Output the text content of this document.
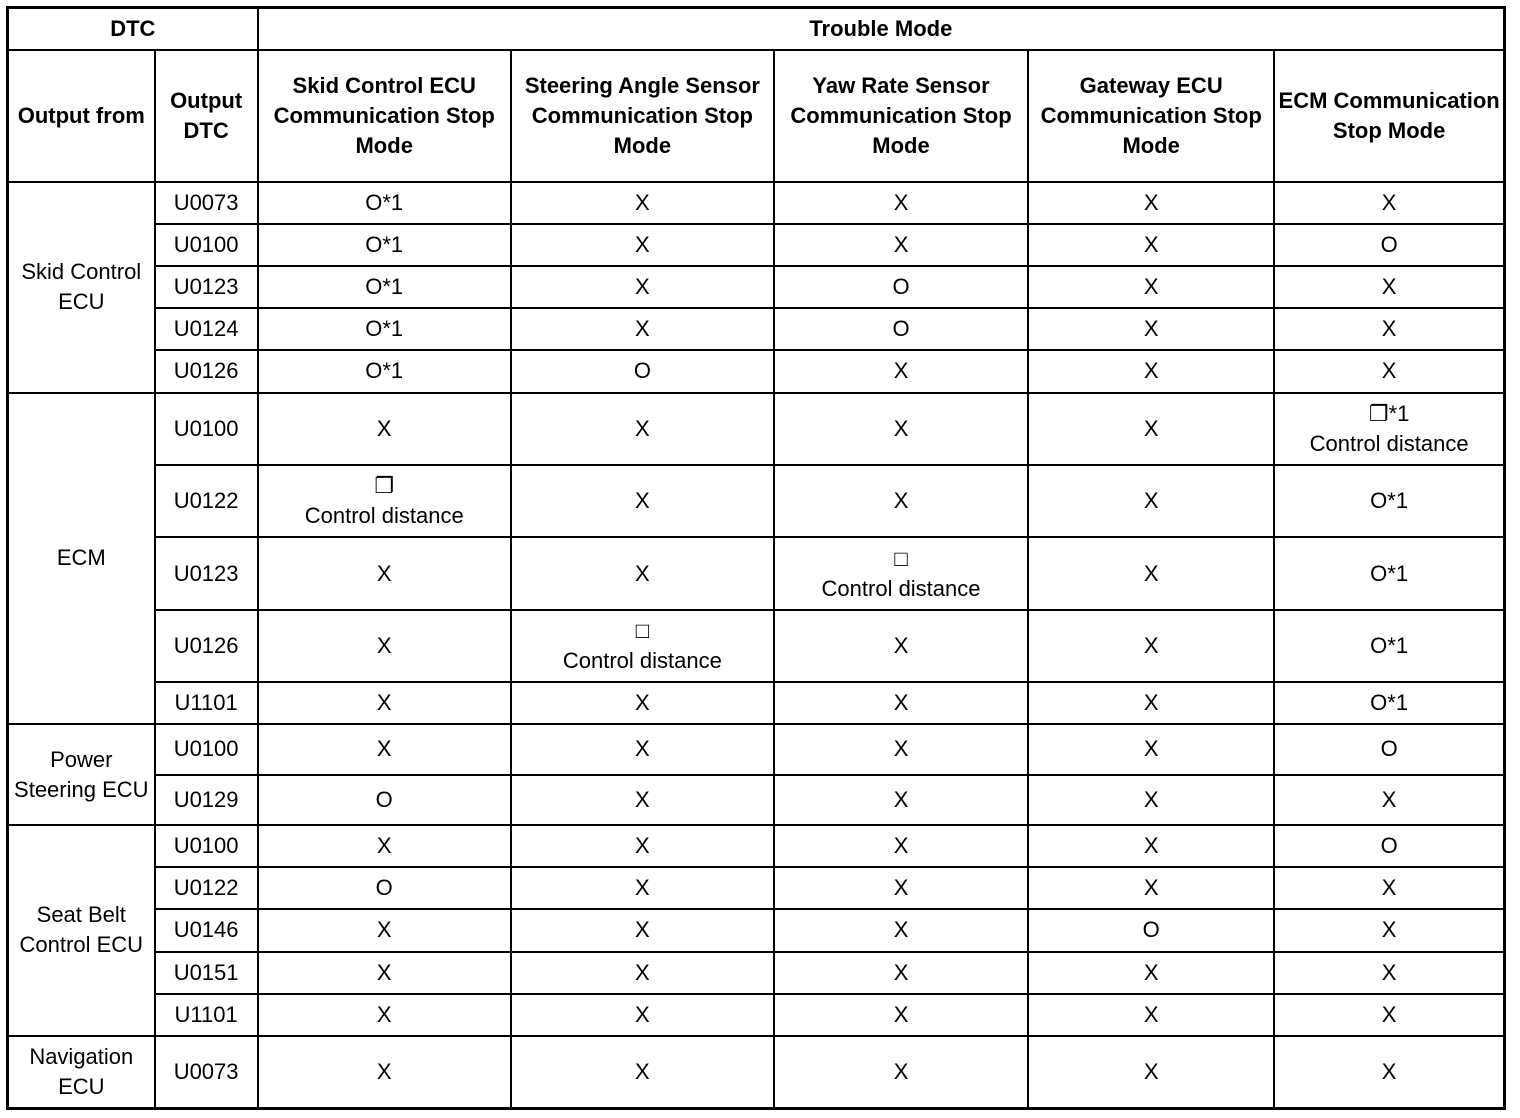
DTC		Trouble Mode				
Output from	Output DTC	Skid Control ECU Communication Stop Mode	Steering Angle Sensor Communication Stop Mode	Yaw Rate Sensor Communication Stop Mode	Gateway ECU Communication Stop Mode	ECM Communication Stop Mode
Skid Control ECU	U0073	O*1	X	X	X	X

	U0100	O*1	X	X	X	O

	U0123	O*1	X	O	X	X

	U0124	O*1	X	O	X	X

	U0126	O*1	O	X	X	X

ECM	U0100	X	X	X	X	❐*1
Control distance

	U0122	❐
Control distance	X	X	X	O*1

	U0123	X	X	□
Control distance	X	O*1

	U0126	X	□
Control distance	X	X	O*1

	U1101	X	X	X	X	O*1

Power Steering ECU	U0100	X	X	X	X	O

	U0129	O	X	X	X	X

Seat Belt Control ECU	U0100	X	X	X	X	O

	U0122	O	X	X	X	X

	U0146	X	X	X	O	X

	U0151	X	X	X	X	X

	U1101	X	X	X	X	X

Navigation ECU	U0073	X	X	X	X	X
